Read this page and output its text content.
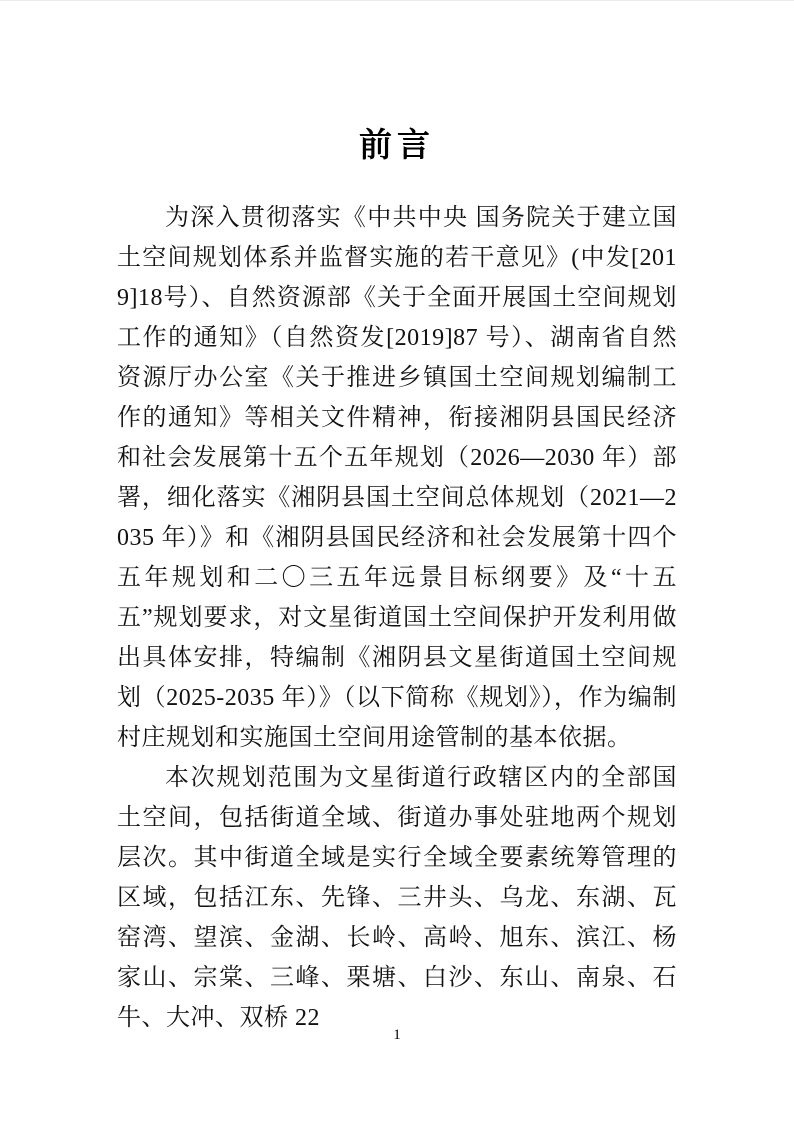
前言

为深入贯彻落实《中共中央 国务院关于建立国土空间规划体系并监督实施的若干意见》(中发[2019]18号）、自然资源部《关于全面开展国土空间规划工作的通知》（自然资发[2019]87 号）、湖南省自然资源厅办公室《关于推进乡镇国土空间规划编制工作的通知》等相关文件精神，衔接湘阴县国民经济和社会发展第十五个五年规划（2026—2030 年）部署，细化落实《湘阴县国土空间总体规划（2021—2035 年）》和《湘阴县国民经济和社会发展第十四个五年规划和二〇三五年远景目标纲要》及“十五五”规划要求，对文星街道国土空间保护开发利用做出具体安排，特编制《湘阴县文星街道国土空间规划（2025-2035 年）》（以下简称《规划》），作为编制村庄规划和实施国土空间用途管制的基本依据。

本次规划范围为文星街道行政辖区内的全部国土空间，包括街道全域、街道办事处驻地两个规划层次。其中街道全域是实行全域全要素统筹管理的区域，包括江东、先锋、三井头、乌龙、东湖、瓦窑湾、望滨、金湖、长岭、高岭、旭东、滨江、杨家山、宗棠、三峰、栗塘、白沙、东山、南泉、石牛、大冲、双桥 22

1
